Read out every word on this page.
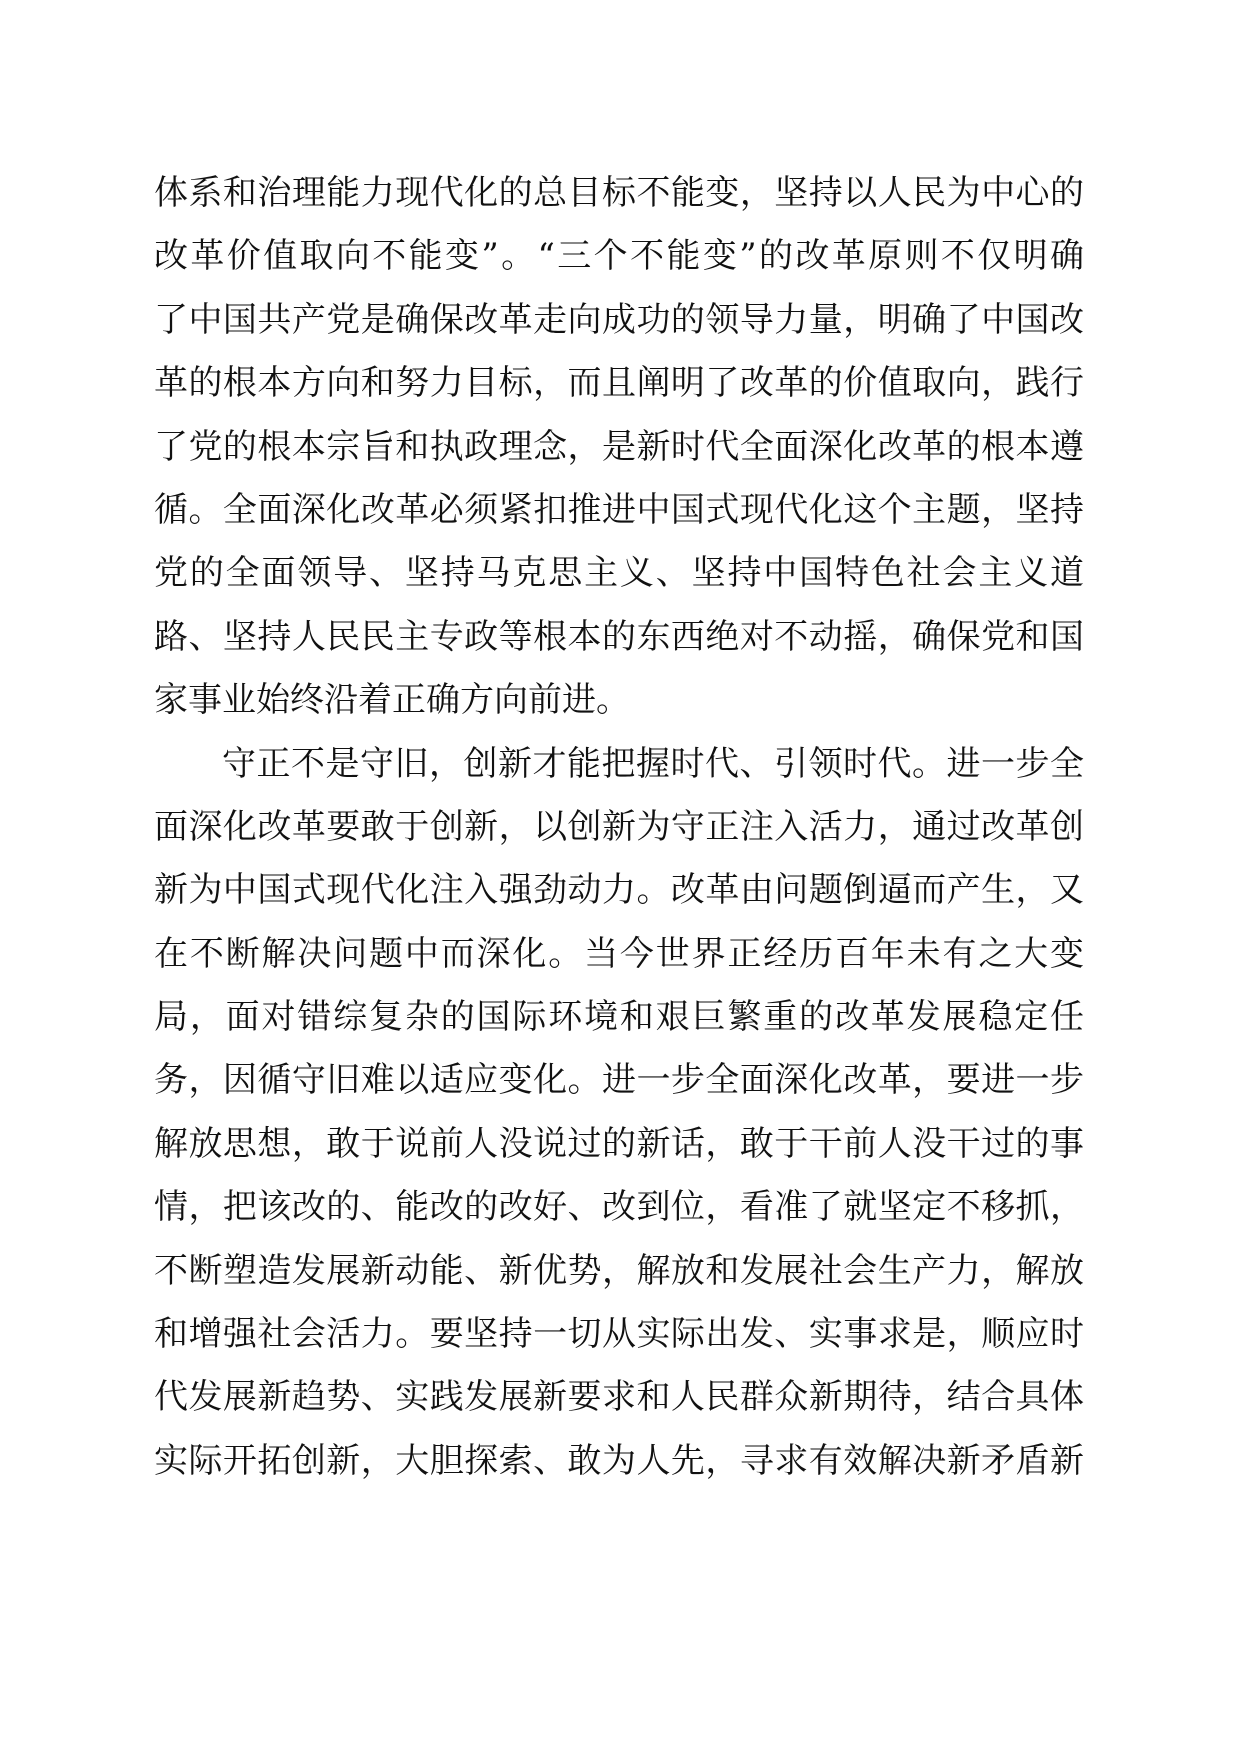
体系和治理能力现代化的总目标不能变，坚持以人民为中心的
改革价值取向不能变”。“三个不能变”的改革原则不仅明确
了中国共产党是确保改革走向成功的领导力量，明确了中国改
革的根本方向和努力目标，而且阐明了改革的价值取向，践行
了党的根本宗旨和执政理念，是新时代全面深化改革的根本遵
循。全面深化改革必须紧扣推进中国式现代化这个主题，坚持
党的全面领导、坚持马克思主义、坚持中国特色社会主义道
路、坚持人民民主专政等根本的东西绝对不动摇，确保党和国
家事业始终沿着正确方向前进。
守正不是守旧，创新才能把握时代、引领时代。进一步全
面深化改革要敢于创新，以创新为守正注入活力，通过改革创
新为中国式现代化注入强劲动力。改革由问题倒逼而产生，又
在不断解决问题中而深化。当今世界正经历百年未有之大变
局，面对错综复杂的国际环境和艰巨繁重的改革发展稳定任
务，因循守旧难以适应变化。进一步全面深化改革，要进一步
解放思想，敢于说前人没说过的新话，敢于干前人没干过的事
情，把该改的、能改的改好、改到位，看准了就坚定不移抓，
不断塑造发展新动能、新优势，解放和发展社会生产力，解放
和增强社会活力。要坚持一切从实际出发、实事求是，顺应时
代发展新趋势、实践发展新要求和人民群众新期待，结合具体
实际开拓创新，大胆探索、敢为人先，寻求有效解决新矛盾新
